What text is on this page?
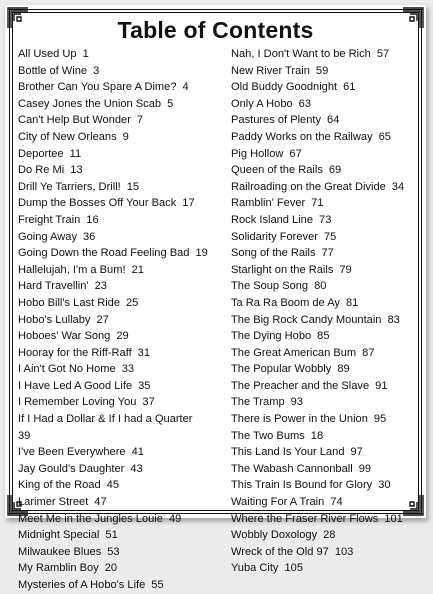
Table of Contents
All Used Up 1
Bottle of Wine 3
Brother Can You Spare A Dime? 4
Casey Jones the Union Scab 5
Can't Help But Wonder 7
City of New Orleans 9
Deportee 11
Do Re Mi 13
Drill Ye Tarriers, Drill! 15
Dump the Bosses Off Your Back 17
Freight Train 16
Going Away 36
Going Down the Road Feeling Bad 19
Hallelujah, I'm a Bum! 21
Hard Travellin' 23
Hobo Bill's Last Ride 25
Hobo's Lullaby 27
Hoboes' War Song 29
Hooray for the Riff-Raff 31
I Ain't Got No Home 33
I Have Led A Good Life 35
I Remember Loving You 37
If I Had a Dollar & If I had a Quarter
39
I've Been Everywhere 41
Jay Gould's Daughter 43
King of the Road 45
Larimer Street 47
Meet Me in the Jungles Louie 49
Midnight Special 51
Milwaukee Blues 53
My Ramblin Boy 20
Mysteries of A Hobo's Life 55
Nah, I Don't Want to be Rich 57
New River Train 59
Old Buddy Goodnight 61
Only A Hobo 63
Pastures of Plenty 64
Paddy Works on the Railway 65
Pig Hollow 67
Queen of the Rails 69
Railroading on the Great Divide 34
Ramblin' Fever 71
Rock Island Line 73
Solidarity Forever 75
Song of the Rails 77
Starlight on the Rails 79
The Soup Song 80
Ta Ra Ra Boom de Ay 81
The Big Rock Candy Mountain 83
The Dying Hobo 85
The Great American Bum 87
The Popular Wobbly 89
The Preacher and the Slave 91
The Tramp 93
There is Power in the Union 95
The Two Bums 18
This Land Is Your Land 97
The Wabash Cannonball 99
This Train Is Bound for Glory 30
Waiting For A Train 74
Where the Fraser River Flows 101
Wobbly Doxology 28
Wreck of the Old 97 103
Yuba City 105
